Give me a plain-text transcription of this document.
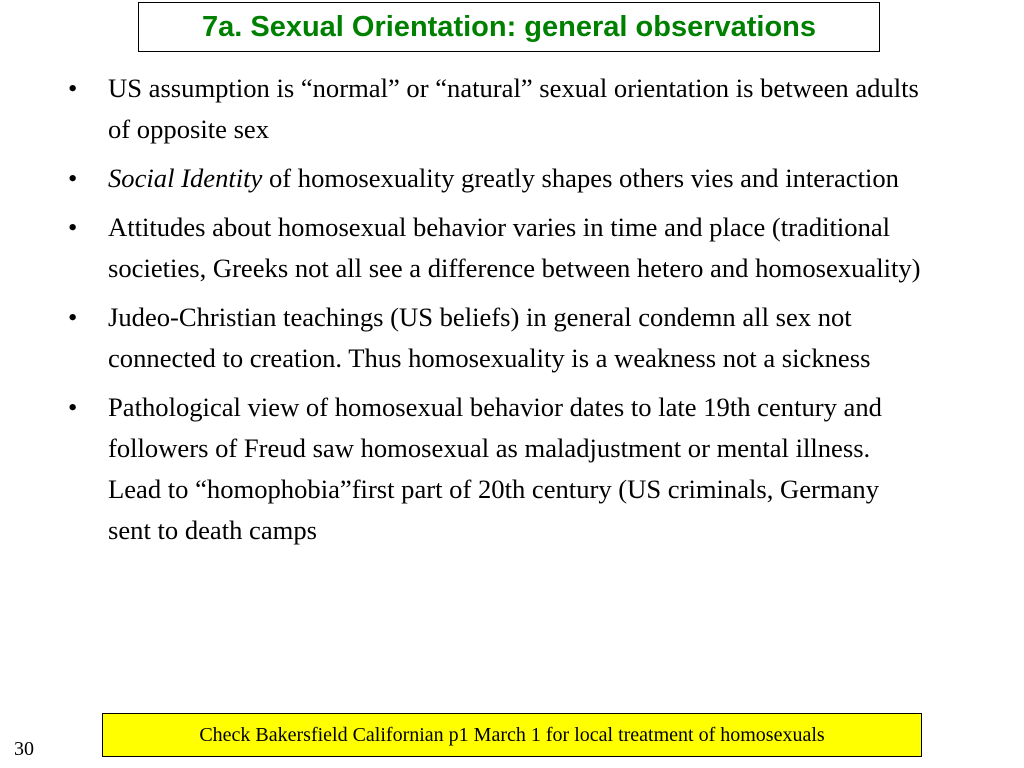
7a. Sexual Orientation: general observations
•	US assumption is “normal” or “natural” sexual orientation is between adults of opposite sex
•	Social Identity of homosexuality greatly shapes others vies and interaction
•	Attitudes about homosexual behavior varies in time and place (traditional societies, Greeks not all see a difference between hetero and homosexuality)
•	Judeo-Christian teachings (US beliefs) in general condemn all sex not connected to creation. Thus homosexuality is a weakness not a sickness
•	Pathological view of homosexual behavior dates to late 19th century and followers of Freud saw homosexual as maladjustment or mental illness. Lead to “homophobia”first part of 20th century (US criminals, Germany sent to death camps
Check Bakersfield Californian p1 March 1 for local treatment of homosexuals
30
